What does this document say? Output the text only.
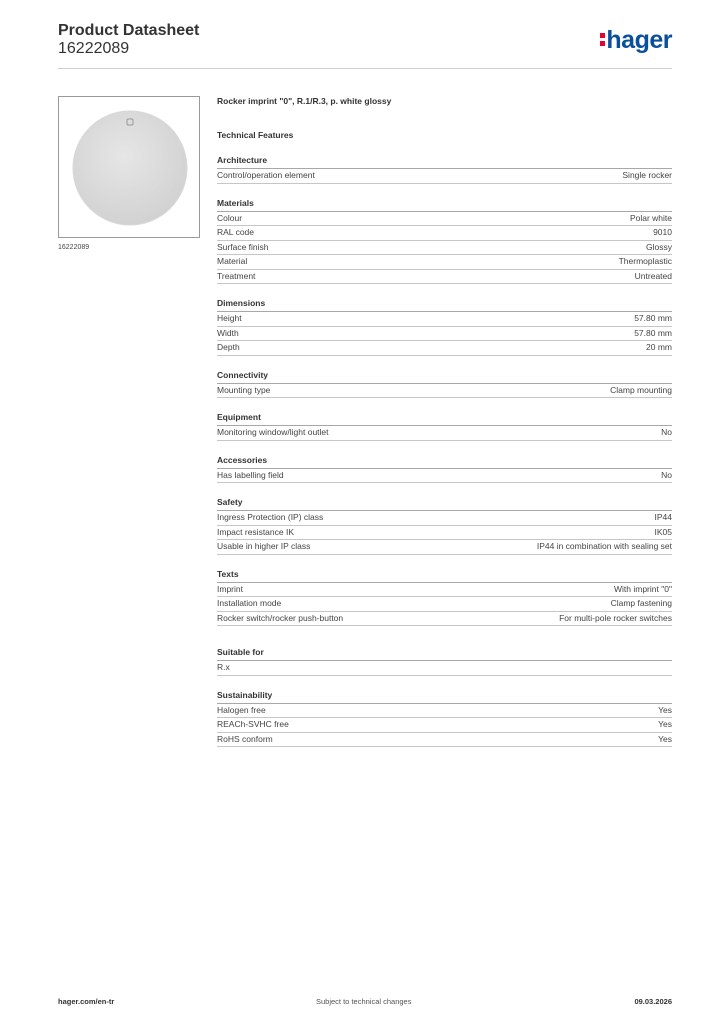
Product Datasheet
16222089	hager
16222089
Rocker imprint "0", R.1/R.3, p. white glossy
Technical Features
Architecture
Control/operation element	Single rocker
Materials
Colour	Polar white
RAL code	9010
Surface finish	Glossy
Material	Thermoplastic
Treatment	Untreated
Dimensions
Height	57.80 mm
Width	57.80 mm
Depth	20 mm
Connectivity
Mounting type	Clamp mounting
Equipment
Monitoring window/light outlet	No
Accessories
Has labelling field	No
Safety
Ingress Protection (IP) class	IP44
Impact resistance IK	IK05
Usable in higher IP class	IP44 in combination with sealing set
Texts
Imprint	With imprint "0"
Installation mode	Clamp fastening
Rocker switch/rocker push-button	For multi-pole rocker switches
Suitable for
R.x
Sustainability
Halogen free	Yes
REACh-SVHC free	Yes
RoHS conform	Yes
hager.com/en-tr	Subject to technical changes	09.03.2026
